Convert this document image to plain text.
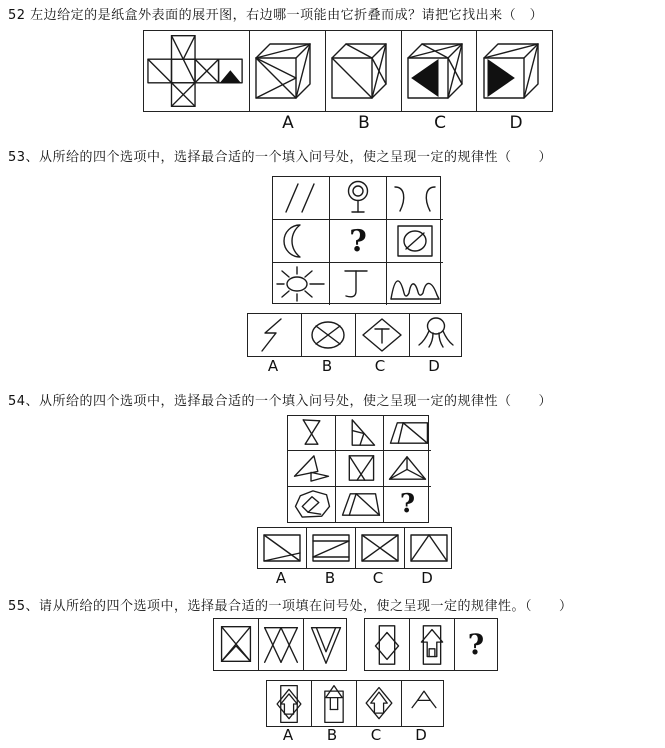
52 左边给定的是纸盒外表面的展开图，右边哪一项能由它折叠而成？请把它找出来（　）
A	B	C	D
53、从所给的四个选项中，选择最合适的一个填入问号处，使之呈现一定的规律性（　　）
?
A	B	C	D
54、从所给的四个选项中，选择最合适的一个填入问号处，使之呈现一定的规律性（　　）
?
A	B	C	D
55、请从所给的四个选项中，选择最合适的一项填在问号处，使之呈现一定的规律性。（　　）
?
A B C D
